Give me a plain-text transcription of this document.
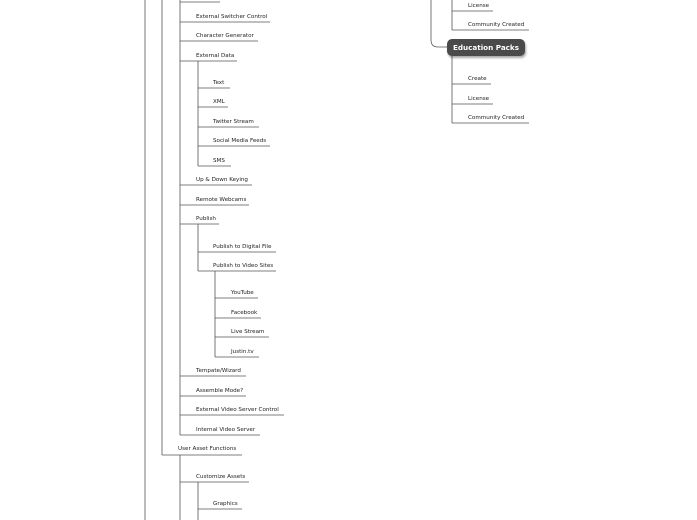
External Switcher Control
Character Generator
External Data
Text
XML
Twitter Stream
Social Media Feeds
SMS
Up & Down Keying
Remote Webcams
Publish
Publish to Digital File
Publish to Video Sites
YouTube
Facebook
Live Stream
Justin.tv
Tempate/Wizard
Assemble Mode?
External Video Server Control
Internal Video Server
User Asset Functions
Customize Assets
Graphics
License
Community Created
Education Packs
Create
License
Community Created
